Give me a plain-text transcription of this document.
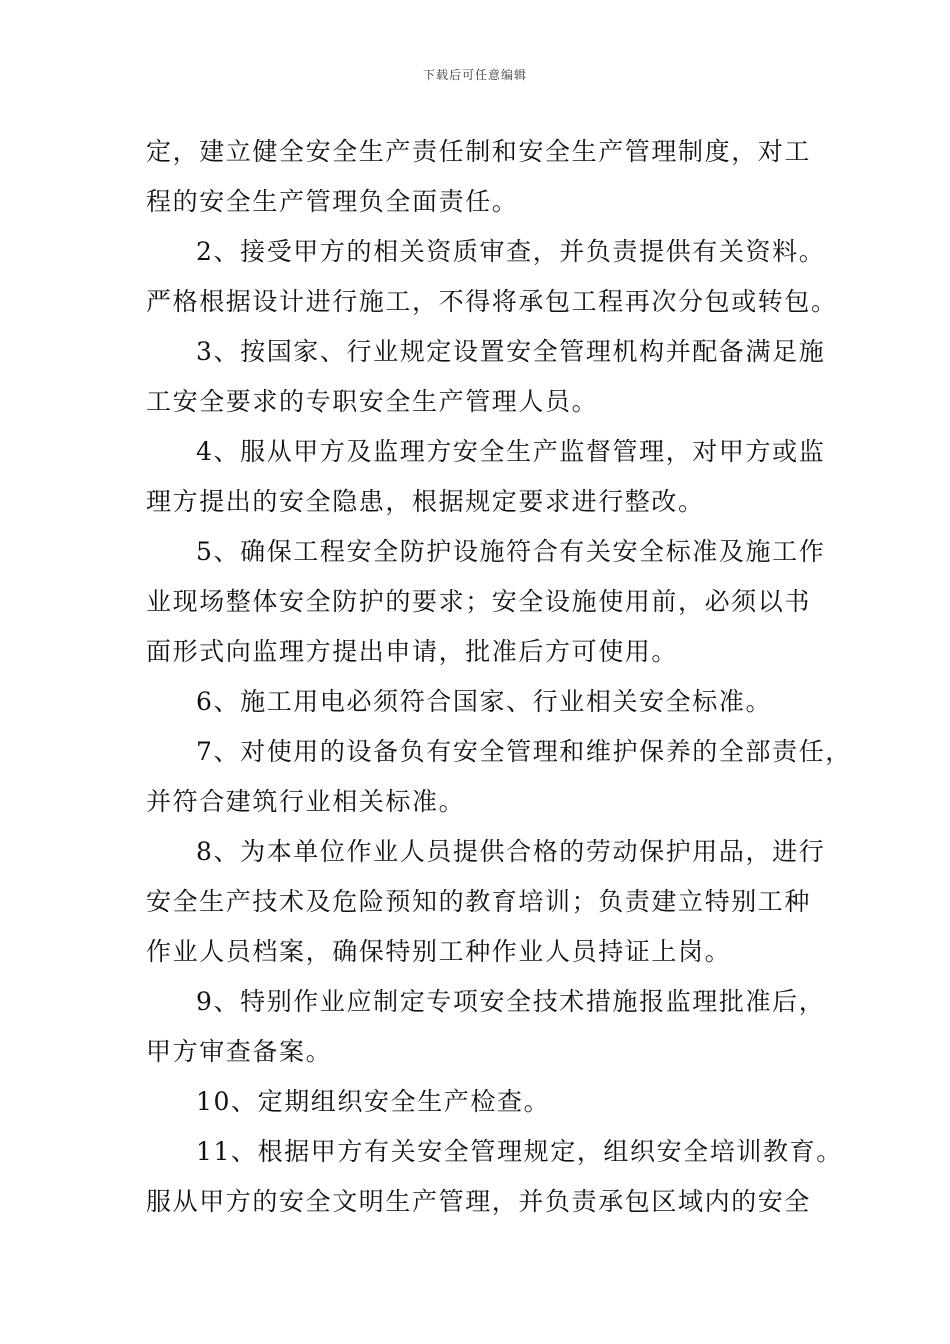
下载后可任意编辑
定，建立健全安全生产责任制和安全生产管理制度，对工
程的安全生产管理负全面责任。
2、接受甲方的相关资质审查，并负责提供有关资料。
严格根据设计进行施工，不得将承包工程再次分包或转包。
3、按国家、行业规定设置安全管理机构并配备满足施
工安全要求的专职安全生产管理人员。
4、服从甲方及监理方安全生产监督管理，对甲方或监
理方提出的安全隐患，根据规定要求进行整改。
5、确保工程安全防护设施符合有关安全标准及施工作
业现场整体安全防护的要求；安全设施使用前，必须以书
面形式向监理方提出申请，批准后方可使用。
6、施工用电必须符合国家、行业相关安全标准。
7、对使用的设备负有安全管理和维护保养的全部责任，
并符合建筑行业相关标准。
8、为本单位作业人员提供合格的劳动保护用品，进行
安全生产技术及危险预知的教育培训；负责建立特别工种
作业人员档案，确保特别工种作业人员持证上岗。
9、特别作业应制定专项安全技术措施报监理批准后，
甲方审查备案。
10、定期组织安全生产检查。
11、根据甲方有关安全管理规定，组织安全培训教育。
服从甲方的安全文明生产管理，并负责承包区域内的安全
